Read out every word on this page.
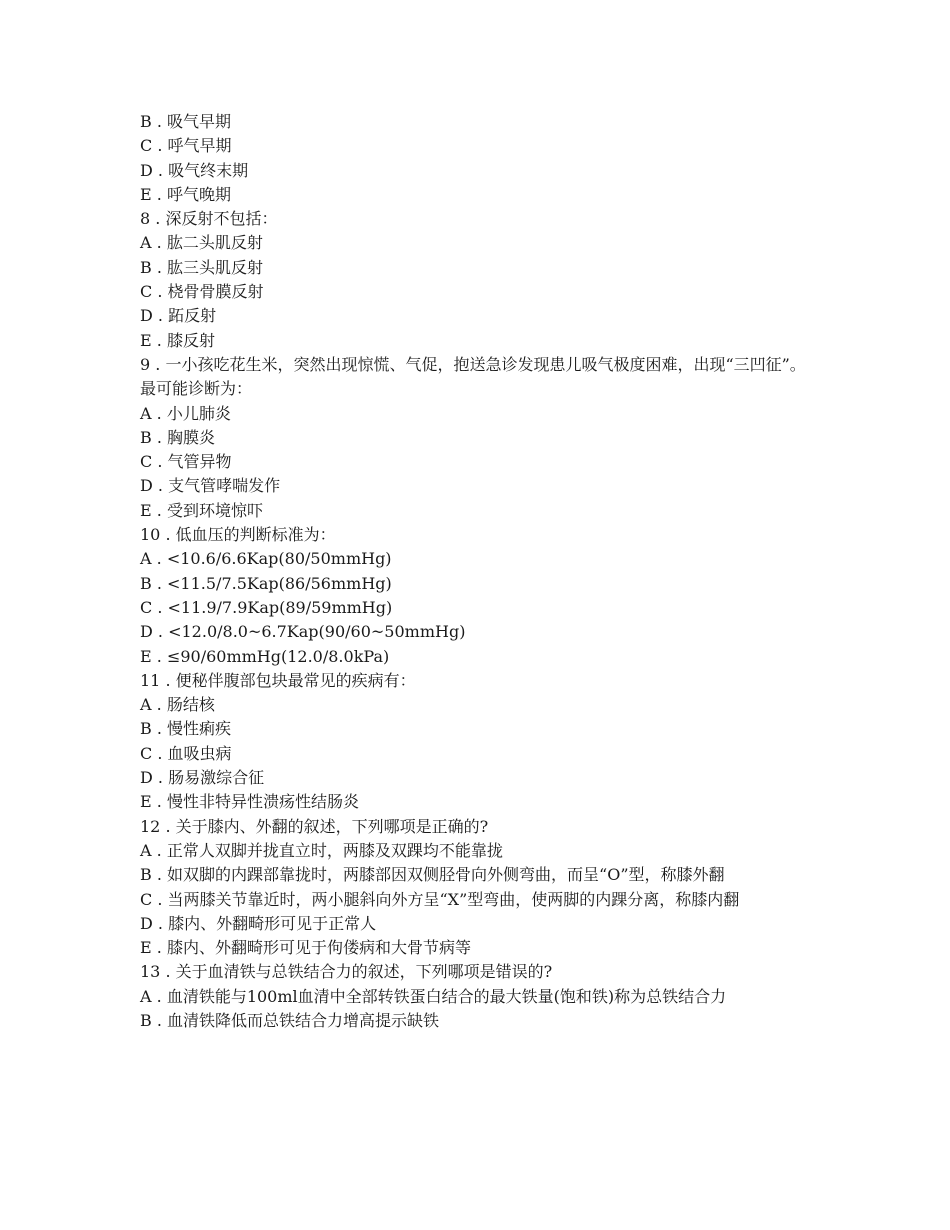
B . 吸气早期

C . 呼气早期

D . 吸气终末期

E . 呼气晚期

8 . 深反射不包括：

A . 肱二头肌反射

B . 肱三头肌反射

C . 桡骨骨膜反射

D . 跖反射

E . 膝反射

9 . 一小孩吃花生米，突然出现惊慌、气促，抱送急诊发现患儿吸气极度困难，出现“三凹征”。最可能诊断为：

A . 小儿肺炎

B . 胸膜炎

C . 气管异物

D . 支气管哮喘发作

E . 受到环境惊吓

10 . 低血压的判断标准为：

A . <10.6/6.6Kap(80/50mmHg)

B . <11.5/7.5Kap(86/56mmHg)

C . <11.9/7.9Kap(89/59mmHg)

D . <12.0/8.0~6.7Kap(90/60~50mmHg)

E . ≤90/60mmHg(12.0/8.0kPa)

11 . 便秘伴腹部包块最常见的疾病有：

A . 肠结核

B . 慢性痢疾

C . 血吸虫病

D . 肠易激综合征

E . 慢性非特异性溃疡性结肠炎

12 . 关于膝内、外翻的叙述，下列哪项是正确的?

A . 正常人双脚并拢直立时，两膝及双踝均不能靠拢

B . 如双脚的内踝部靠拢时，两膝部因双侧胫骨向外侧弯曲，而呈“O”型，称膝外翻

C . 当两膝关节靠近时，两小腿斜向外方呈“X”型弯曲，使两脚的内踝分离，称膝内翻

D . 膝内、外翻畸形可见于正常人

E . 膝内、外翻畸形可见于佝偻病和大骨节病等

13 . 关于血清铁与总铁结合力的叙述，下列哪项是错误的?

A . 血清铁能与100ml血清中全部转铁蛋白结合的最大铁量(饱和铁)称为总铁结合力

B . 血清铁降低而总铁结合力增高提示缺铁
